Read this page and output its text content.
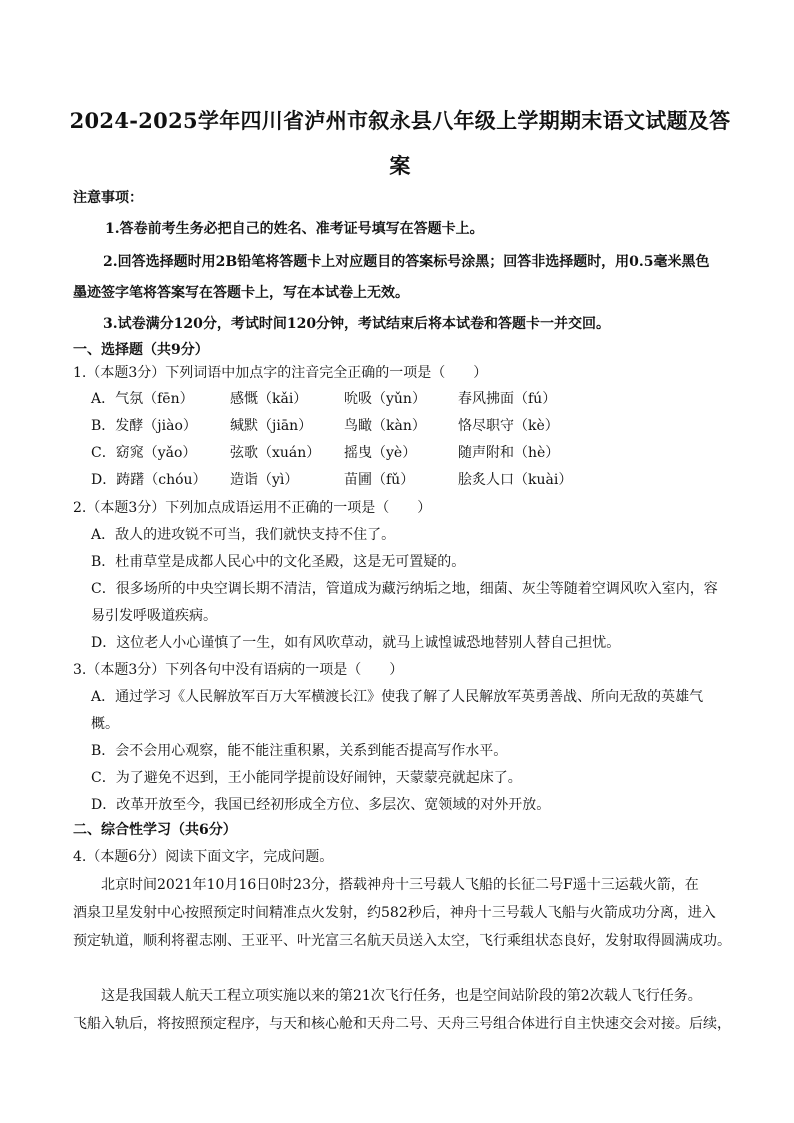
2024-2025学年四川省泸州市叙永县八年级上学期期末语文试题及答
案
注意事项：
1.答卷前考生务必把自己的姓名、准考证号填写在答题卡上。
2.回答选择题时用2B铅笔将答题卡上对应题目的答案标号涂黑；回答非选择题时，用0.5毫米黑色
墨迹签字笔将答案写在答题卡上，写在本试卷上无效。
3.试卷满分120分，考试时间120分钟，考试结束后将本试卷和答题卡一并交回。
一、选择题（共9分）
1.（本题3分）下列词语中加点字的注音完全正确的一项是（　　）
A．气氛（fēn）	感慨（kǎi）	吮吸（yǔn） 春风拂面（fú）
B．发酵（jiào） 缄默（jiān） 鸟瞰（kàn） 恪尽职守（kè）
C．窈窕（yǎo） 弦歌（xuán） 摇曳（yè）	随声附和（hè）
D．踌躇（chóu） 造诣（yì）	苗圃（fǔ）	脍炙人口（kuài）
2.（本题3分）下列加点成语运用不正确的一项是（　　）
A．敌人的进攻锐不可当，我们就快支持不住了。
B．杜甫草堂是成都人民心中的文化圣殿，这是无可置疑的。
C．很多场所的中央空调长期不清洁，管道成为藏污纳垢之地，细菌、灰尘等随着空调风吹入室内，容
易引发呼吸道疾病。
D．这位老人小心谨慎了一生，如有风吹草动，就马上诚惶诚恐地替别人替自己担忧。
3.（本题3分）下列各句中没有语病的一项是（　　）
A．通过学习《人民解放军百万大军横渡长江》使我了解了人民解放军英勇善战、所向无敌的英雄气
概。
B．会不会用心观察，能不能注重积累，关系到能否提高写作水平。
C．为了避免不迟到，王小能同学提前设好闹钟，天蒙蒙亮就起床了。
D．改革开放至今，我国已经初形成全方位、多层次、宽领域的对外开放。
二、综合性学习（共6分）
4.（本题6分）阅读下面文字，完成问题。
北京时间2021年10月16日0时23分，搭载神舟十三号载人飞船的长征二号F遥十三运载火箭，在
酒泉卫星发射中心按照预定时间精准点火发射，约582秒后，神舟十三号载人飞船与火箭成功分离，进入
预定轨道，顺利将翟志刚、王亚平、叶光富三名航天员送入太空，飞行乘组状态良好，发射取得圆满成功。
这是我国载人航天工程立项实施以来的第21次飞行任务，也是空间站阶段的第2次载人飞行任务。
飞船入轨后，将按照预定程序，与天和核心舱和天舟二号、天舟三号组合体进行自主快速交会对接。后续，
